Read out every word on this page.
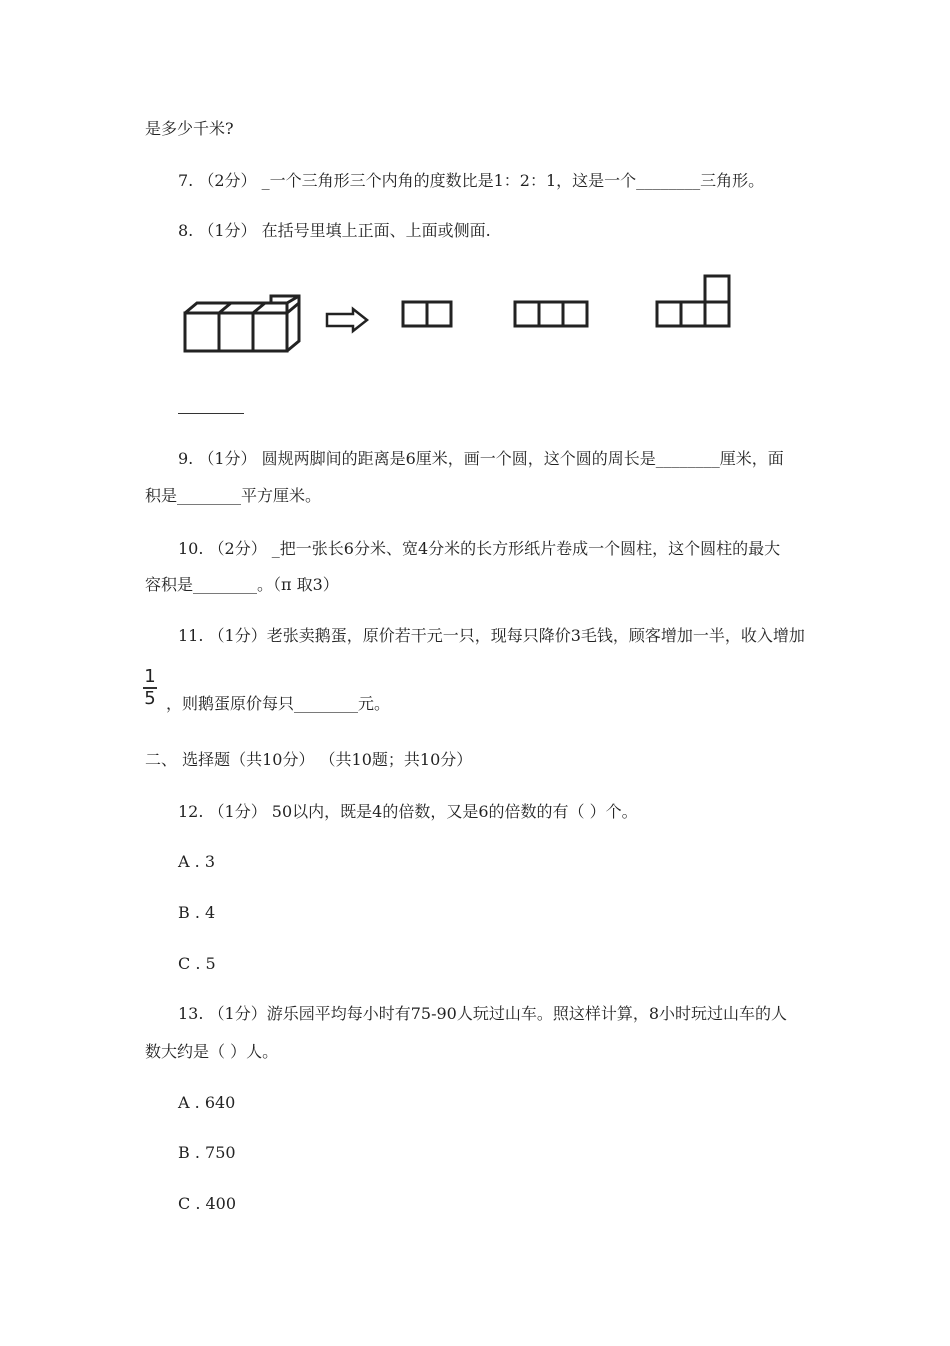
是多少千米?
7. （2分） _一个三角形三个内角的度数比是1：2：1，这是一个________三角形。
8. （1分） 在括号里填上正面、上面或侧面.
9. （1分） 圆规两脚间的距离是6厘米，画一个圆，这个圆的周长是________厘米，面
积是________平方厘米。
10. （2分） _把一张长6分米、宽4分米的长方形纸片卷成一个圆柱，这个圆柱的最大
容积是________。（π 取3）
11. （1分）老张卖鹅蛋，原价若干元一只，现每只降价3毛钱，顾客增加一半，收入增加
1
5 ，则鹅蛋原价每只________元。
二、 选择题（共10分） （共10题；共10分）
12. （1分） 50以内，既是4的倍数，又是6的倍数的有（ ）个。
A . 3
B . 4
C . 5
13. （1分）游乐园平均每小时有75-90人玩过山车。照这样计算，8小时玩过山车的人
数大约是（ ）人。
A . 640
B . 750
C . 400
